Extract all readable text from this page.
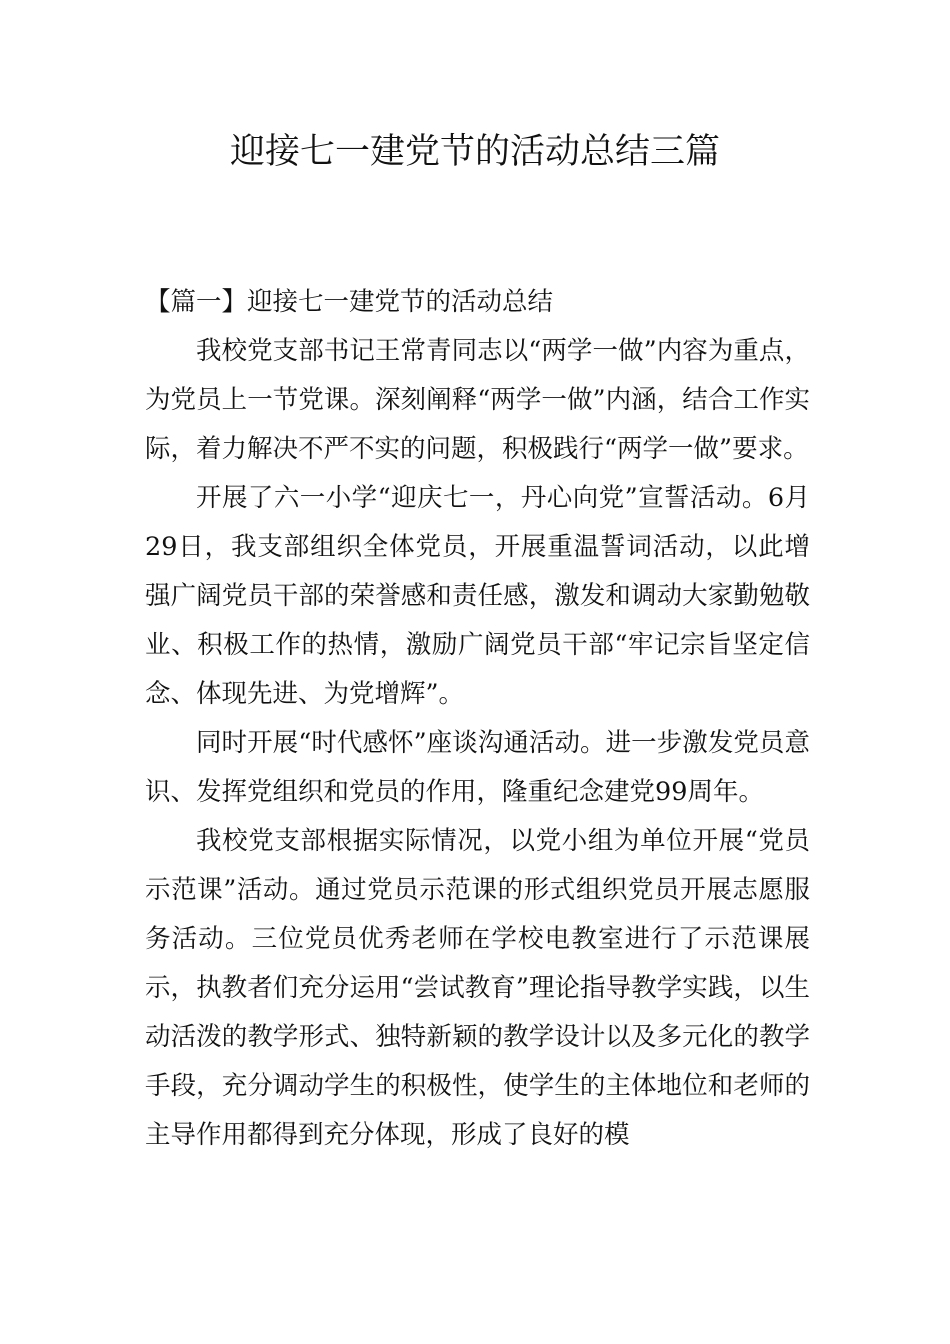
迎接七一建党节的活动总结三篇

【篇一】迎接七一建党节的活动总结

我校党支部书记王常青同志以“两学一做”内容为重点，为党员上一节党课。深刻阐释“两学一做”内涵，结合工作实际，着力解决不严不实的问题，积极践行“两学一做”要求。

开展了六一小学“迎庆七一，丹心向党”宣誓活动。6月29日，我支部组织全体党员，开展重温誓词活动，以此增强广阔党员干部的荣誉感和责任感，激发和调动大家勤勉敬业、积极工作的热情，激励广阔党员干部“牢记宗旨坚定信念、体现先进、为党增辉”。

同时开展“时代感怀”座谈沟通活动。进一步激发党员意识、发挥党组织和党员的作用，隆重纪念建党99周年。

我校党支部根据实际情况，以党小组为单位开展“党员示范课”活动。通过党员示范课的形式组织党员开展志愿服务活动。三位党员优秀老师在学校电教室进行了示范课展示，执教者们充分运用“尝试教育”理论指导教学实践，以生动活泼的教学形式、独特新颖的教学设计以及多元化的教学手段，充分调动学生的积极性，使学生的主体地位和老师的主导作用都得到充分体现，形成了良好的模
